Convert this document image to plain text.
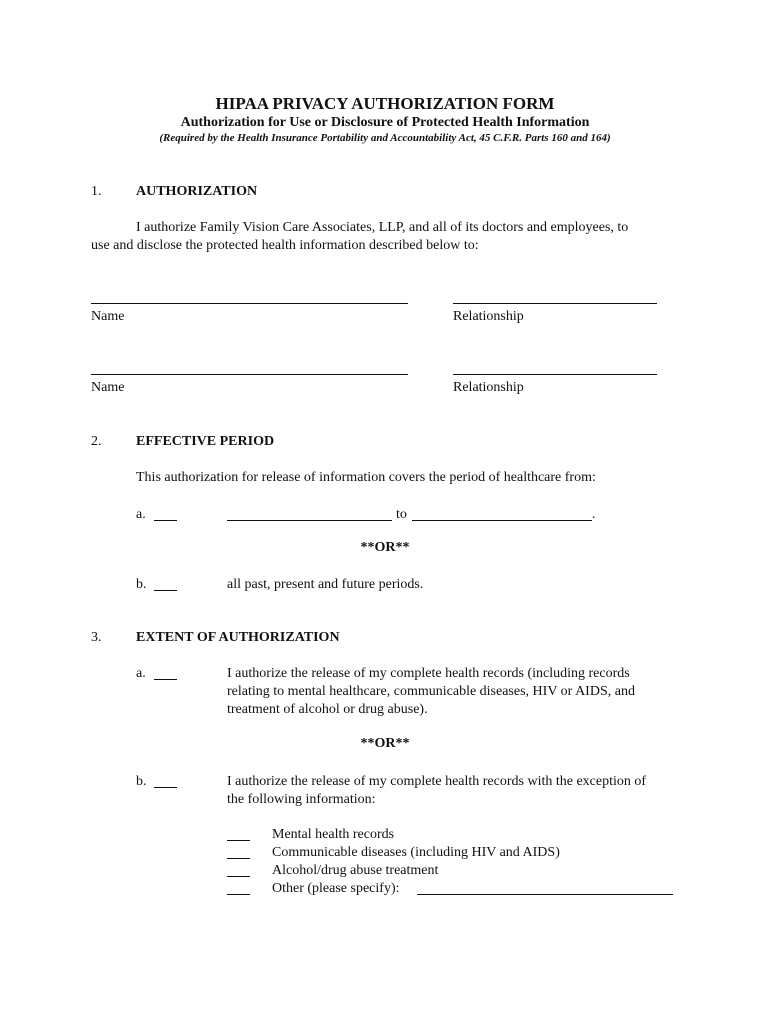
HIPAA PRIVACY AUTHORIZATION FORM
Authorization for Use or Disclosure of Protected Health Information
(Required by the Health Insurance Portability and Accountability Act, 45 C.F.R. Parts 160 and 164)
1. AUTHORIZATION
I authorize Family Vision Care Associates, LLP, and all of its doctors and employees, to
use and disclose the protected health information described below to:
Name	Relationship
Name	Relationship
2. EFFECTIVE PERIOD
This authorization for release of information covers the period of healthcare from:
a.	to	.
**OR**
b.	all past, present and future periods.
3. EXTENT OF AUTHORIZATION
a.	I authorize the release of my complete health records (including records
relating to mental healthcare, communicable diseases, HIV or AIDS, and
treatment of alcohol or drug abuse).
**OR**
b.	I authorize the release of my complete health records with the exception of
the following information:
Mental health records
Communicable diseases (including HIV and AIDS)
Alcohol/drug abuse treatment
Other (please specify):
